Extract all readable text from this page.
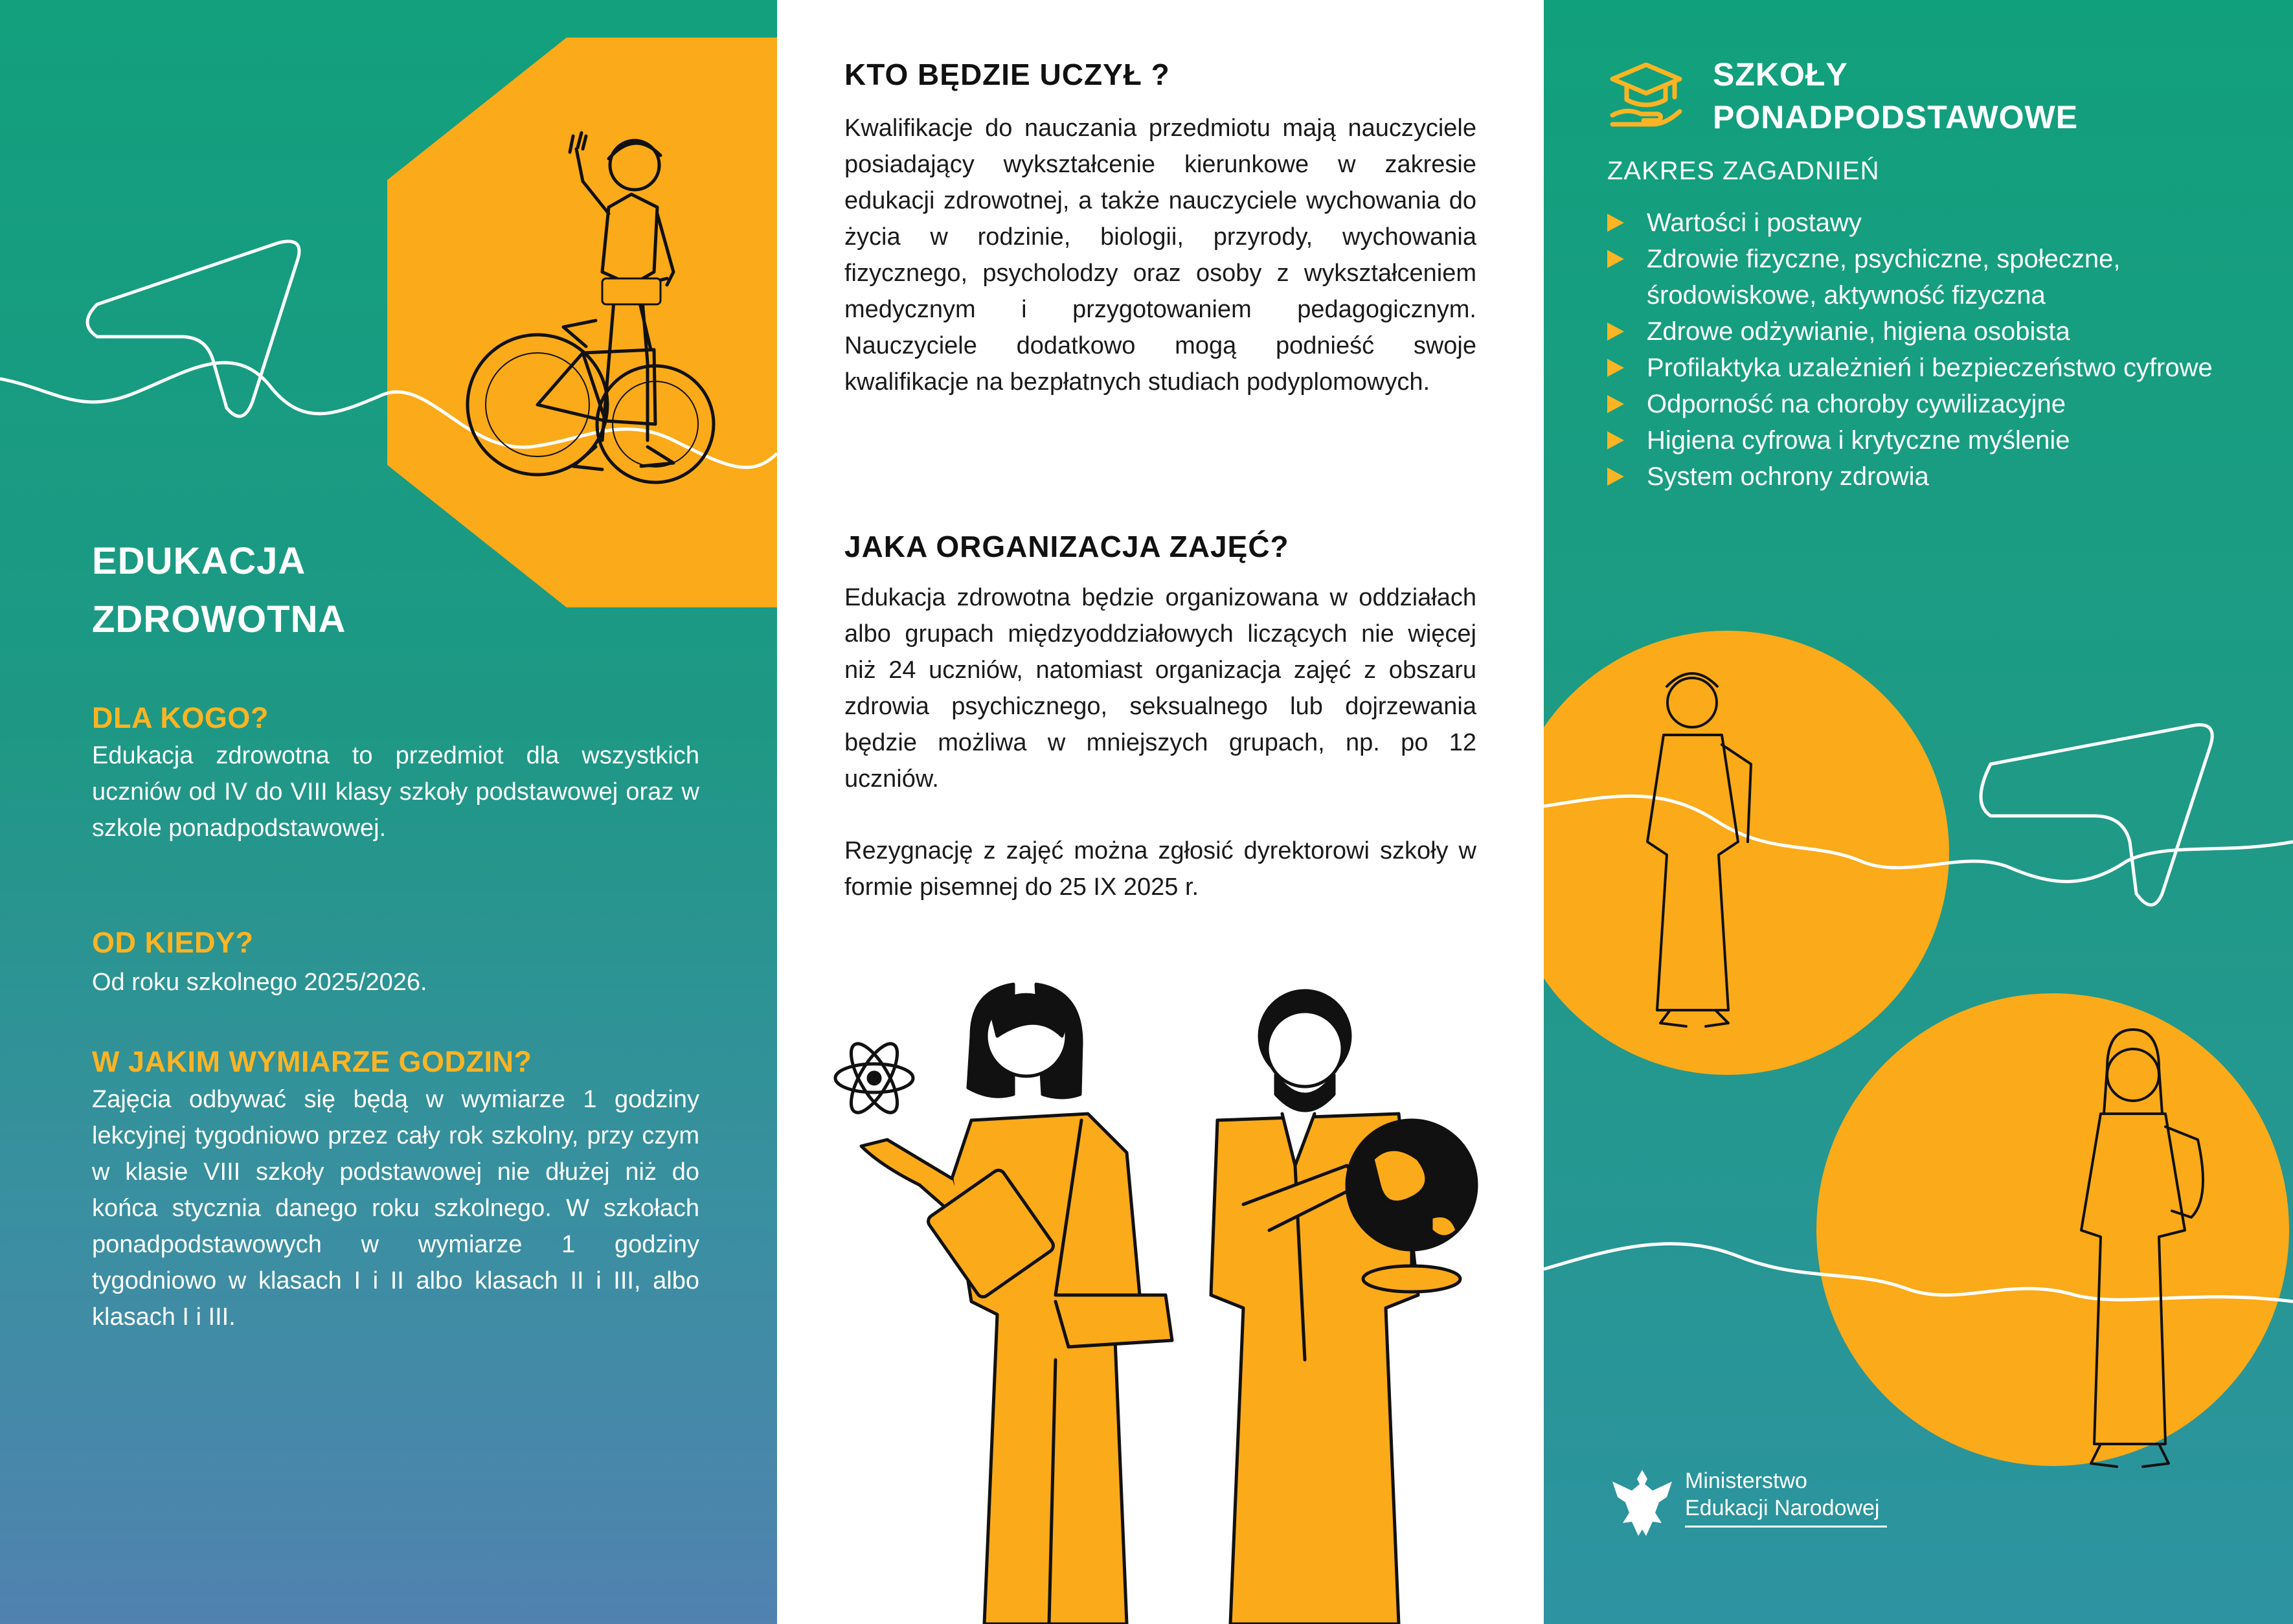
EDUKACJA
ZDROWOTNA
DLA KOGO?
Edukacja zdrowotna to przedmiot dla wszystkich uczniów od IV do VIII klasy szkoły podstawowej oraz w szkole ponadpodstawowej.
OD KIEDY?
Od roku szkolnego 2025/2026.
W JAKIM WYMIARZE GODZIN?
Zajęcia odbywać się będą w wymiarze 1 godziny lekcyjnej tygodniowo przez cały rok szkolny, przy czym w klasie VIII szkoły podstawowej nie dłużej niż do końca stycznia danego roku szkolnego. W szkołach ponadpodstawowych w wymiarze 1 godziny tygodniowo w klasach I i II albo klasach II i III, albo klasach I i III.
KTO BĘDZIE UCZYŁ ?
Kwalifikacje do nauczania przedmiotu mają nauczyciele posiadający wykształcenie kierunkowe w zakresie edukacji zdrowotnej, a także nauczyciele wychowania do życia w rodzinie, biologii, przyrody, wychowania fizycznego, psycholodzy oraz osoby z wykształceniem medycznym i przygotowaniem pedagogicznym. Nauczyciele dodatkowo mogą podnieść swoje kwalifikacje na bezpłatnych studiach podyplomowych.
JAKA ORGANIZACJA ZAJĘĆ?
Edukacja zdrowotna będzie organizowana w oddziałach albo grupach międzyoddziałowych liczących nie więcej niż 24 uczniów, natomiast organizacja zajęć z obszaru zdrowia psychicznego, seksualnego lub dojrzewania będzie możliwa w mniejszych grupach, np. po 12 uczniów.
Rezygnację z zajęć można zgłosić dyrektorowi szkoły w formie pisemnej do 25 IX 2025 r.
SZKOŁY
PONADPODSTAWOWE
ZAKRES ZAGADNIEŃ
Wartości i postawy
Zdrowie fizyczne, psychiczne, społeczne, środowiskowe, aktywność fizyczna
Zdrowe odżywianie, higiena osobista
Profilaktyka uzależnień i bezpieczeństwo cyfrowe
Odporność na choroby cywilizacyjne
Higiena cyfrowa i krytyczne myślenie
System ochrony zdrowia
Ministerstwo
Edukacji Narodowej
